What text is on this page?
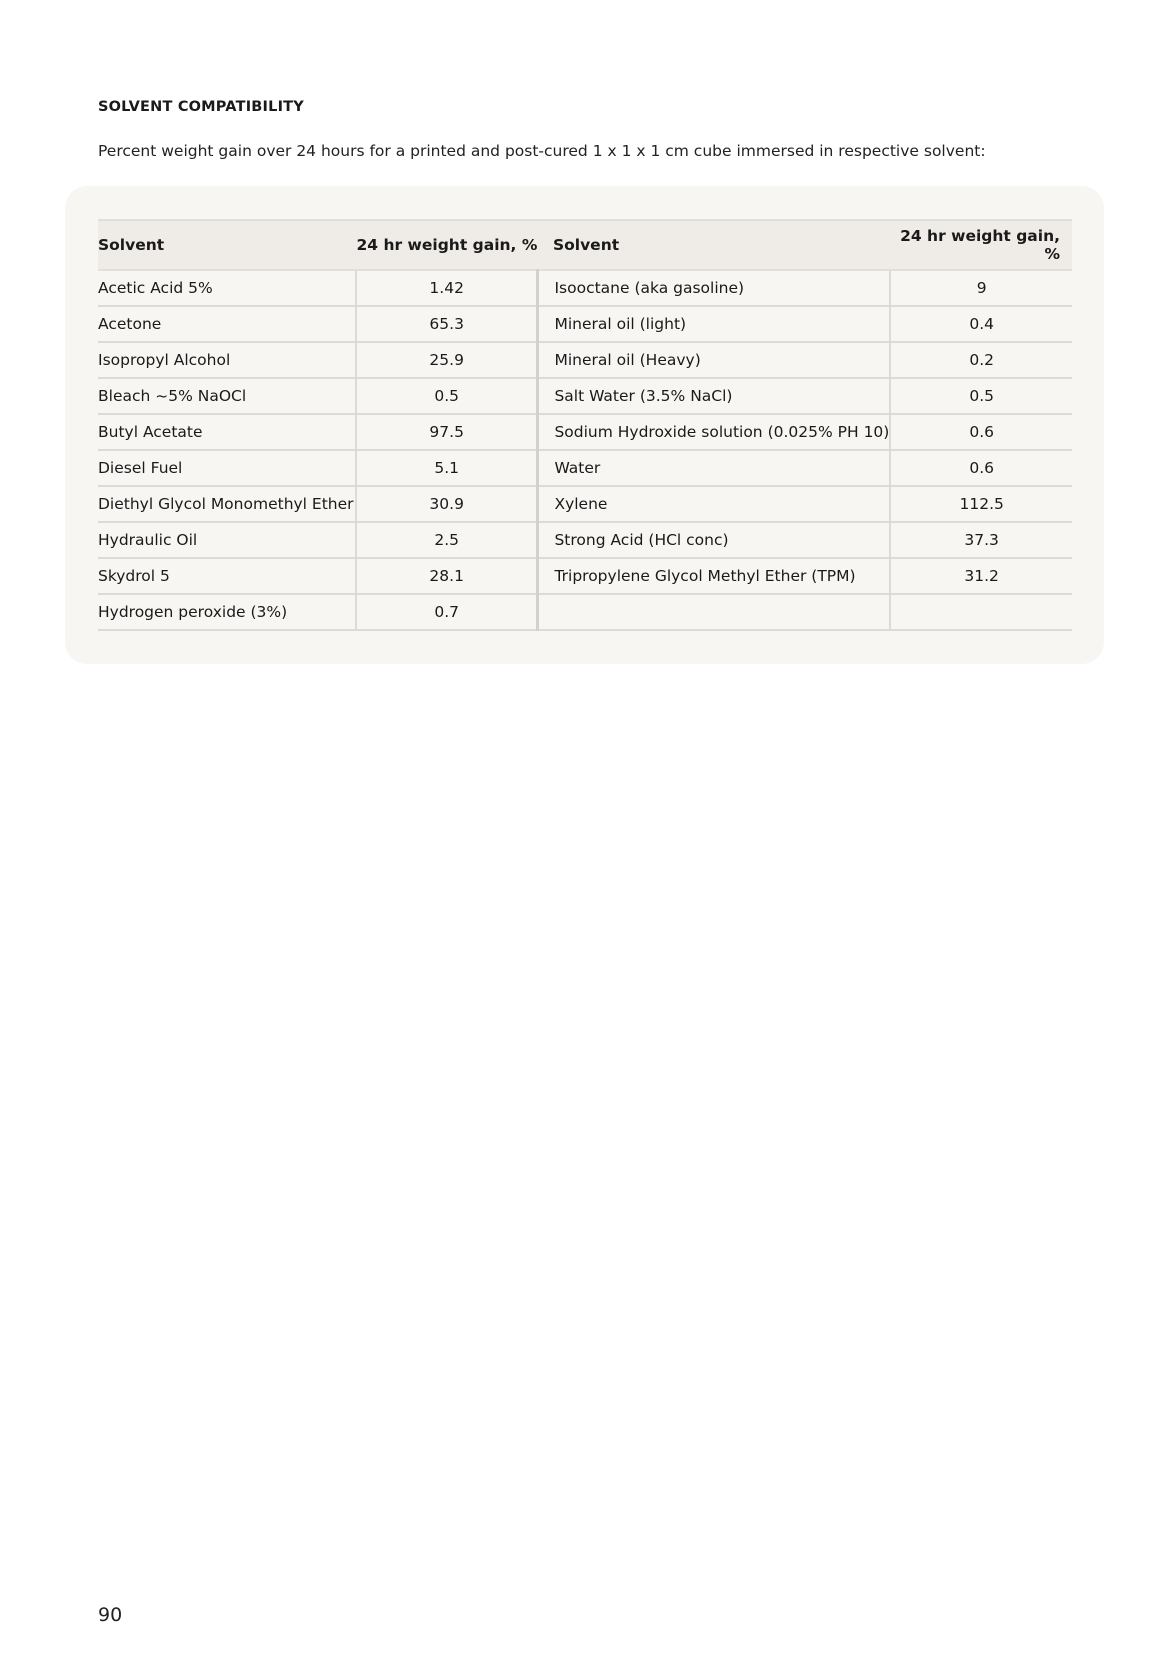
SOLVENT COMPATIBILITY
Percent weight gain over 24 hours for a printed and post-cured 1 x 1 x 1 cm cube immersed in respective solvent:
Solvent	24 hr weight gain, %	Solvent	24 hr weight gain, %
Acetic Acid 5%	1.42	Isooctane (aka gasoline)	9
Acetone	65.3	Mineral oil (light)	0.4
Isopropyl Alcohol	25.9	Mineral oil (Heavy)	0.2
Bleach ~5% NaOCl	0.5	Salt Water (3.5% NaCl)	0.5
Butyl Acetate	97.5	Sodium Hydroxide solution (0.025% PH 10)	0.6
Diesel Fuel	5.1	Water	0.6
Diethyl Glycol Monomethyl Ether	30.9	Xylene	112.5
Hydraulic Oil	2.5	Strong Acid (HCl conc)	37.3
Skydrol 5	28.1	Tripropylene Glycol Methyl Ether (TPM)	31.2
Hydrogen peroxide (3%)	0.7		
90
